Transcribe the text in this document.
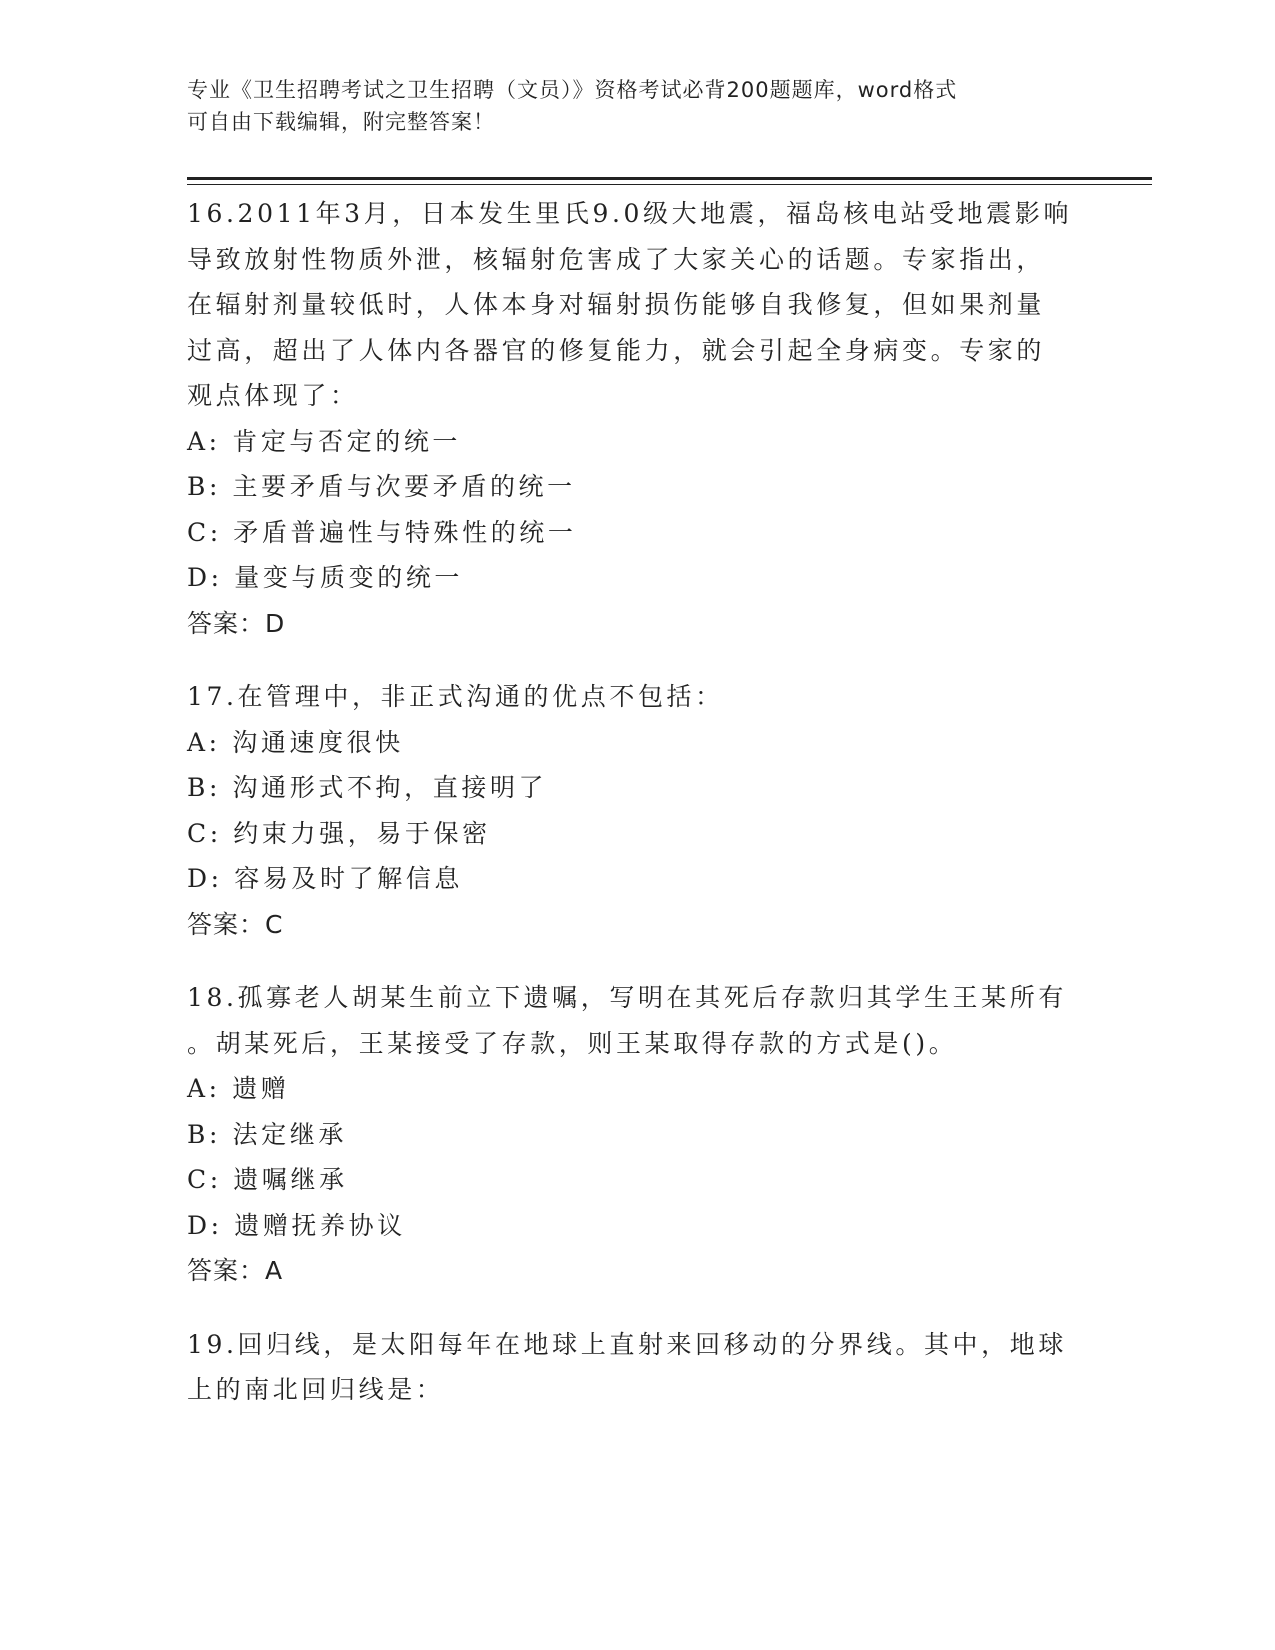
专业《卫生招聘考试之卫生招聘（文员）》资格考试必背200题题库，word格式
可自由下载编辑，附完整答案！
16.2011年3月，日本发生里氏9.0级大地震，福岛核电站受地震影响
导致放射性物质外泄，核辐射危害成了大家关心的话题。专家指出，
在辐射剂量较低时，人体本身对辐射损伤能够自我修复，但如果剂量
过高，超出了人体内各器官的修复能力，就会引起全身病变。专家的
观点体现了：
A: 肯定与否定的统一
B: 主要矛盾与次要矛盾的统一
C: 矛盾普遍性与特殊性的统一
D: 量变与质变的统一
答案：D
17.在管理中，非正式沟通的优点不包括：
A: 沟通速度很快
B: 沟通形式不拘，直接明了
C: 约束力强，易于保密
D: 容易及时了解信息
答案：C
18.孤寡老人胡某生前立下遗嘱，写明在其死后存款归其学生王某所有
。胡某死后，王某接受了存款，则王某取得存款的方式是()。
A: 遗赠
B: 法定继承
C: 遗嘱继承
D: 遗赠抚养协议
答案：A
19.回归线，是太阳每年在地球上直射来回移动的分界线。其中，地球
上的南北回归线是：
